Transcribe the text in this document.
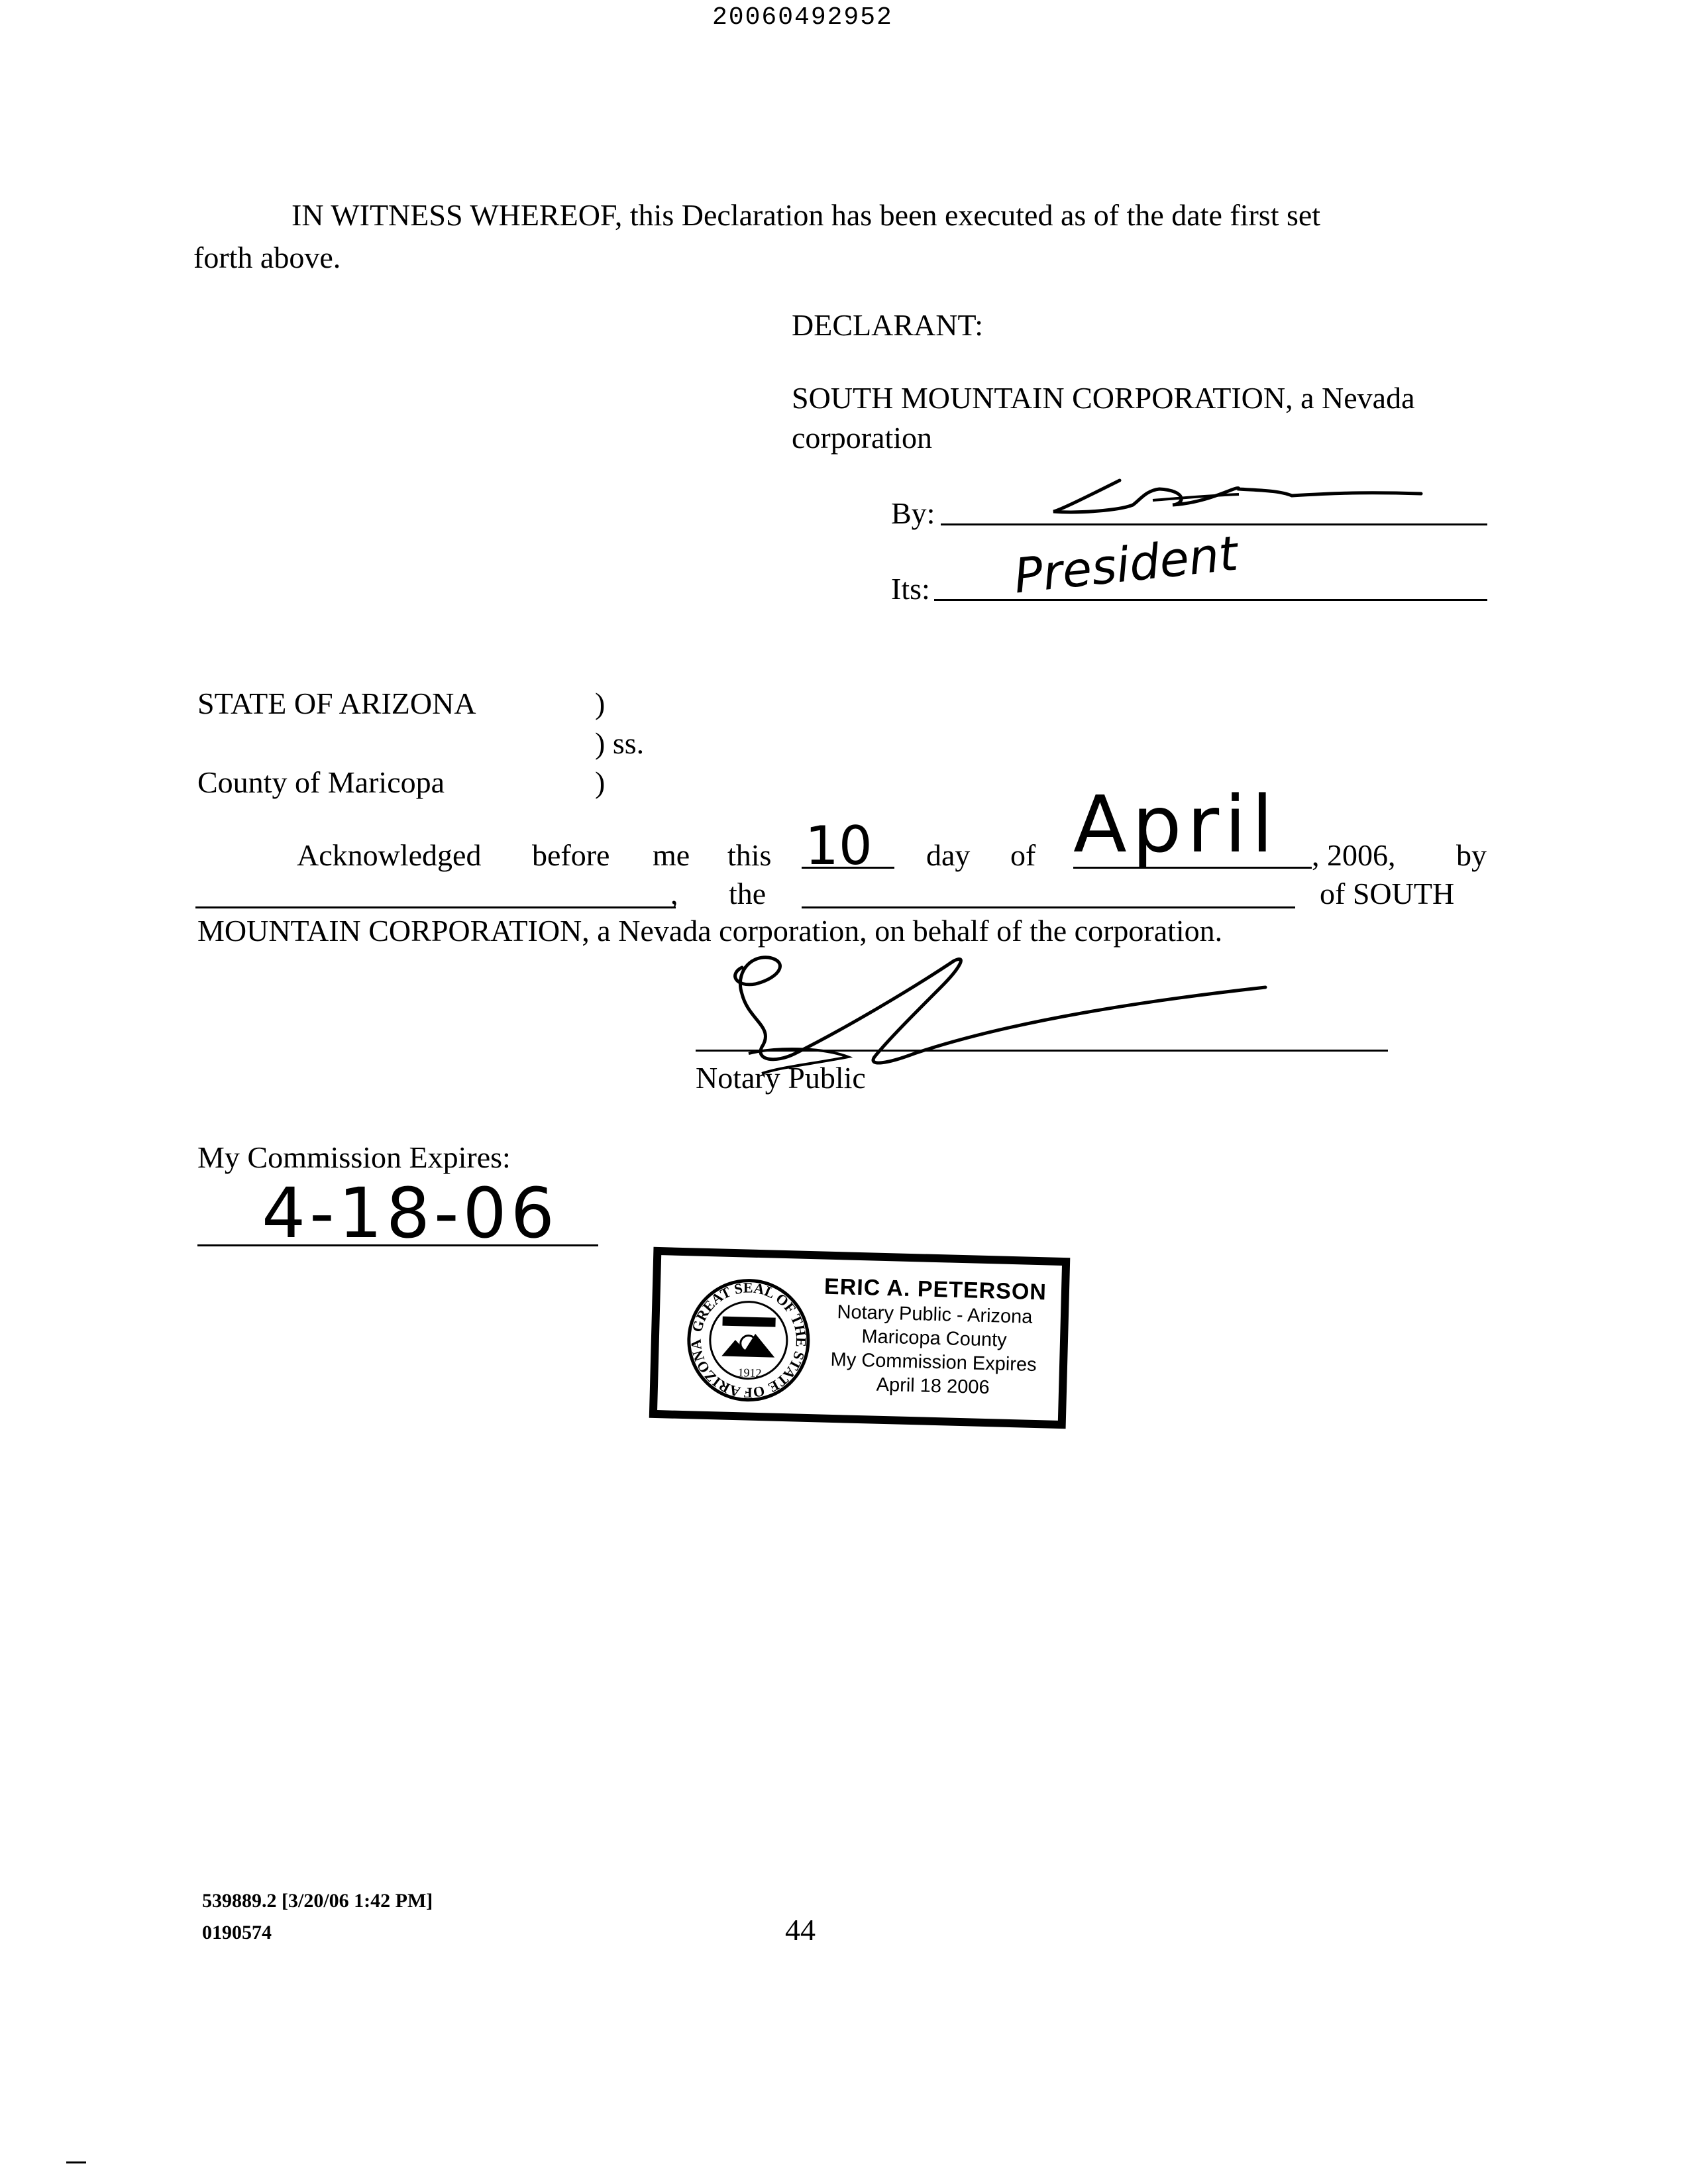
20060492952
IN WITNESS WHEREOF, this Declaration has been executed as of the date first set
forth above.
DECLARANT:
SOUTH MOUNTAIN CORPORATION, a Nevada
corporation
By:
Its: President
STATE OF ARIZONA	)
) ss.
County of Maricopa	)
Acknowledged before me this 10 day of April , 2006, by
, the	of SOUTH
MOUNTAIN CORPORATION, a Nevada corporation, on behalf of the corporation.
Notary Public
My Commission Expires:
4-18-06
GREAT SEAL OF THE STATE OF ARIZONA
1912
ERIC A. PETERSON
Notary Public - Arizona
Maricopa County
My Commission Expires
April 18 2006
539889.2 [3/20/06 1:42 PM]
0190574	44
